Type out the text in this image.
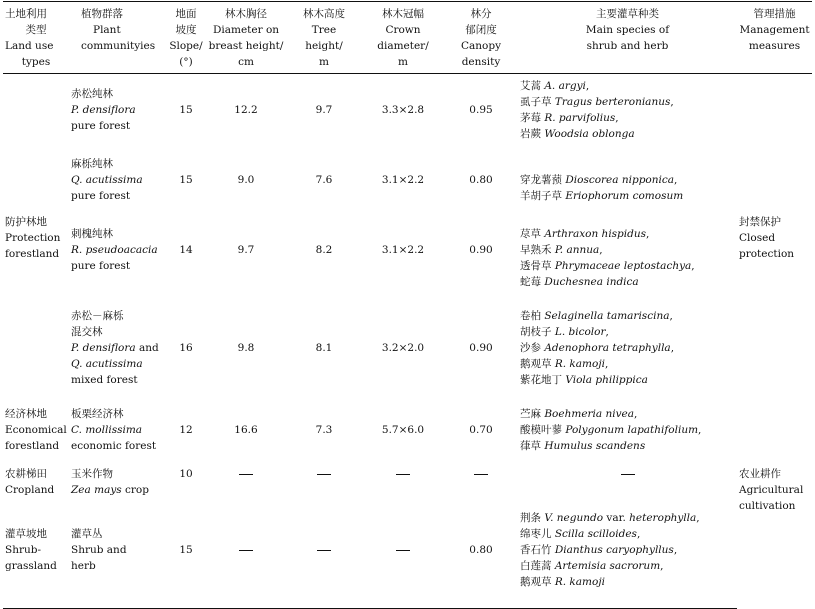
土地利用
类型
Land use
types	植物群落
Plant
communityies	地面
坡度
Slope/
(°)	林木胸径
Diameter on
breast height/
cm	林木高度
Tree
height/
m	林木冠幅
Crown
diameter/
m	林分
郁闭度
Canopy
density	主要灌草种类
Main species of
shrub and herb	管理措施
Management
measures

防护林地
Protection
forestland	赤松纯林
P. densiflora
pure forest	15	12.2	9.7	3.3×2.8	0.95	艾蒿 A. argyi,
虱子草 Tragus berteronianus,
茅莓 R. parvifolius,
岩蕨 Woodsia oblonga	封禁保护
Closed
protection

	麻栎纯林
Q. acutissima
pure forest	15	9.0	7.6	3.1×2.2	0.80	穿龙薯蓣 Dioscorea nipponica,
羊胡子草 Eriophorum comosum	

	刺槐纯林
R. pseudoacacia
pure forest	14	9.7	8.2	3.1×2.2	0.90	荩草 Arthraxon hispidus,
早熟禾 P. annua,
透骨草 Phrymaceae leptostachya,
蛇莓 Duchesnea indica	

	赤松－麻栎
混交林
P. densiflora and
Q. acutissima
mixed forest	16	9.8	8.1	3.2×2.0	0.90	卷柏 Selaginella tamariscina,
胡枝子 L. bicolor,
沙参 Adenophora tetraphylla,
鹅观草 R. kamoji,
紫花地丁 Viola philippica	

经济林地
Economical
forestland	板栗经济林
C. mollissima
economic forest	12	16.6	7.3	5.7×6.0	0.70	苎麻 Boehmeria nivea,
酸模叶蓼 Polygonum lapathifolium,
葎草 Humulus scandens	

农耕梯田
Cropland	玉米作物
Zea mays crop	10						农业耕作
Agricultural
cultivation

灌草坡地
Shrub-
grassland	灌草丛
Shrub and
herb	15				0.80	荆条 V. negundo var. heterophylla,
绵枣儿 Scilla scilloides,
香石竹 Dianthus caryophyllus,
白莲蒿 Artemisia sacrorum,
鹅观草 R. kamoji	
